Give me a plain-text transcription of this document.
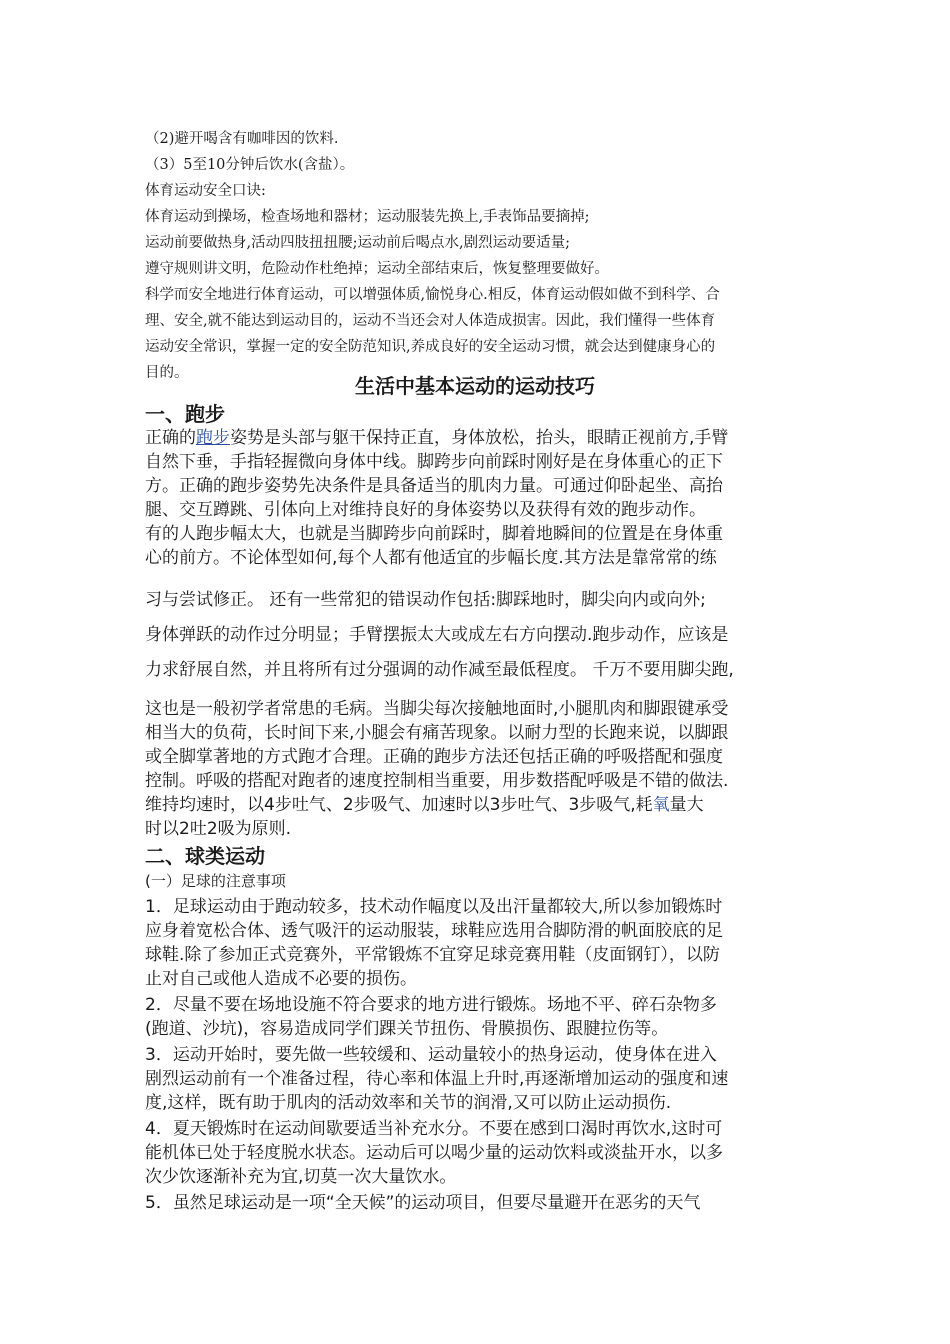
（2)避开喝含有咖啡因的饮料.
（3）5至10分钟后饮水(含盐）。
体育运动安全口诀:
体育运动到操场，检查场地和器材；运动服装先换上,手表饰品要摘掉;
运动前要做热身,活动四肢扭扭腰;运动前后喝点水,剧烈运动要适量;
遵守规则讲文明，危险动作杜绝掉；运动全部结束后，恢复整理要做好。
科学而安全地进行体育运动，可以增强体质,愉悦身心.相反，体育运动假如做不到科学、合
理、安全,就不能达到运动目的，运动不当还会对人体造成损害。因此，我们懂得一些体育
运动安全常识，掌握一定的安全防范知识,养成良好的安全运动习惯，就会达到健康身心的
目的。
生活中基本运动的运动技巧
一、跑步
正确的跑步姿势是头部与躯干保持正直，身体放松，抬头，眼睛正视前方,手臂
自然下垂，手指轻握微向身体中线。脚跨步向前踩时刚好是在身体重心的正下
方。正确的跑步姿势先决条件是具备适当的肌肉力量。可通过仰卧起坐、高抬
腿、交互蹲跳、引体向上对维持良好的身体姿势以及获得有效的跑步动作。
有的人跑步幅太大，也就是当脚跨步向前踩时，脚着地瞬间的位置是在身体重
心的前方。不论体型如何,每个人都有他适宜的步幅长度.其方法是靠常常的练
习与尝试修正。 还有一些常犯的错误动作包括:脚踩地时，脚尖向内或向外;
身体弹跃的动作过分明显；手臂摆振太大或成左右方向摆动.跑步动作，应该是
力求舒展自然，并且将所有过分强调的动作减至最低程度。 千万不要用脚尖跑,
这也是一般初学者常患的毛病。当脚尖每次接触地面时,小腿肌肉和脚跟键承受
相当大的负荷，长时间下来,小腿会有痛苦现象。以耐力型的长跑来说，以脚跟
或全脚掌著地的方式跑才合理。正确的跑步方法还包括正确的呼吸搭配和强度
控制。呼吸的搭配对跑者的速度控制相当重要，用步数搭配呼吸是不错的做法.
维持均速时，以4步吐气、2步吸气、加速时以3步吐气、3步吸气,耗氧量大
时以2吐2吸为原则.
二、球类运动
(一）足球的注意事项
1．足球运动由于跑动较多，技术动作幅度以及出汗量都较大,所以参加锻炼时
应身着宽松合体、透气吸汗的运动服装，球鞋应选用合脚防滑的帆面胶底的足
球鞋.除了参加正式竞赛外，平常锻炼不宜穿足球竞赛用鞋（皮面钢钉），以防
止对自己或他人造成不必要的损伤。
2．尽量不要在场地设施不符合要求的地方进行锻炼。场地不平、碎石杂物多
(跑道、沙坑)，容易造成同学们踝关节扭伤、骨膜损伤、跟腱拉伤等。
3．运动开始时，要先做一些较缓和、运动量较小的热身运动，使身体在进入
剧烈运动前有一个准备过程，待心率和体温上升时,再逐渐增加运动的强度和速
度,这样，既有助于肌肉的活动效率和关节的润滑,又可以防止运动损伤.
4．夏天锻炼时在运动间歇要适当补充水分。不要在感到口渴时再饮水,这时可
能机体已处于轻度脱水状态。运动后可以喝少量的运动饮料或淡盐开水，以多
次少饮逐渐补充为宜,切莫一次大量饮水。
5．虽然足球运动是一项“全天候”的运动项目，但要尽量避开在恶劣的天气
